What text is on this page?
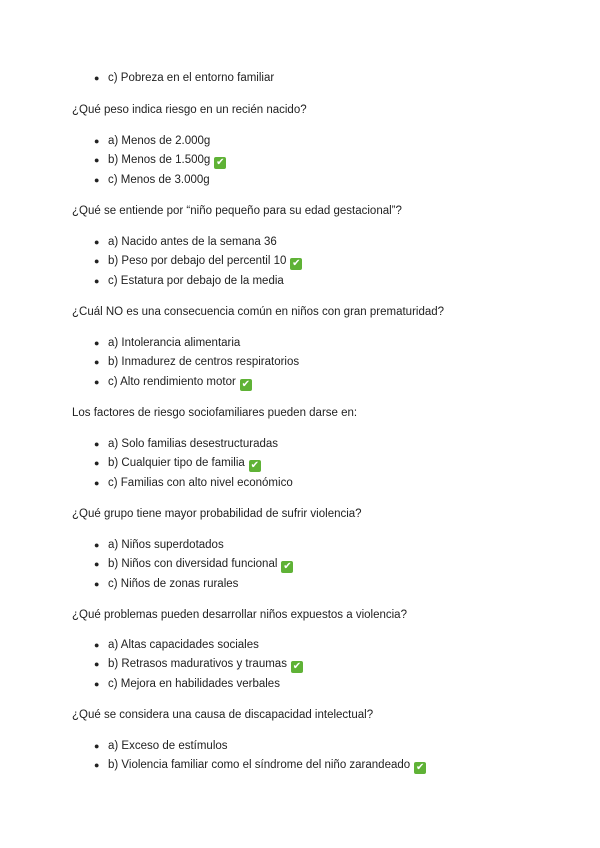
● c) Pobreza en el entorno familiar
¿Qué peso indica riesgo en un recién nacido?
● a) Menos de 2.000g
● b) Menos de 1.500g ✔
● c) Menos de 3.000g
¿Qué se entiende por “niño pequeño para su edad gestacional”?
● a) Nacido antes de la semana 36
● b) Peso por debajo del percentil 10 ✔
● c) Estatura por debajo de la media
¿Cuál NO es una consecuencia común en niños con gran prematuridad?
● a) Intolerancia alimentaria
● b) Inmadurez de centros respiratorios
● c) Alto rendimiento motor ✔
Los factores de riesgo sociofamiliares pueden darse en:
● a) Solo familias desestructuradas
● b) Cualquier tipo de familia ✔
● c) Familias con alto nivel económico
¿Qué grupo tiene mayor probabilidad de sufrir violencia?
● a) Niños superdotados
● b) Niños con diversidad funcional ✔
● c) Niños de zonas rurales
¿Qué problemas pueden desarrollar niños expuestos a violencia?
● a) Altas capacidades sociales
● b) Retrasos madurativos y traumas ✔
● c) Mejora en habilidades verbales
¿Qué se considera una causa de discapacidad intelectual?
● a) Exceso de estímulos
● b) Violencia familiar como el síndrome del niño zarandeado ✔
